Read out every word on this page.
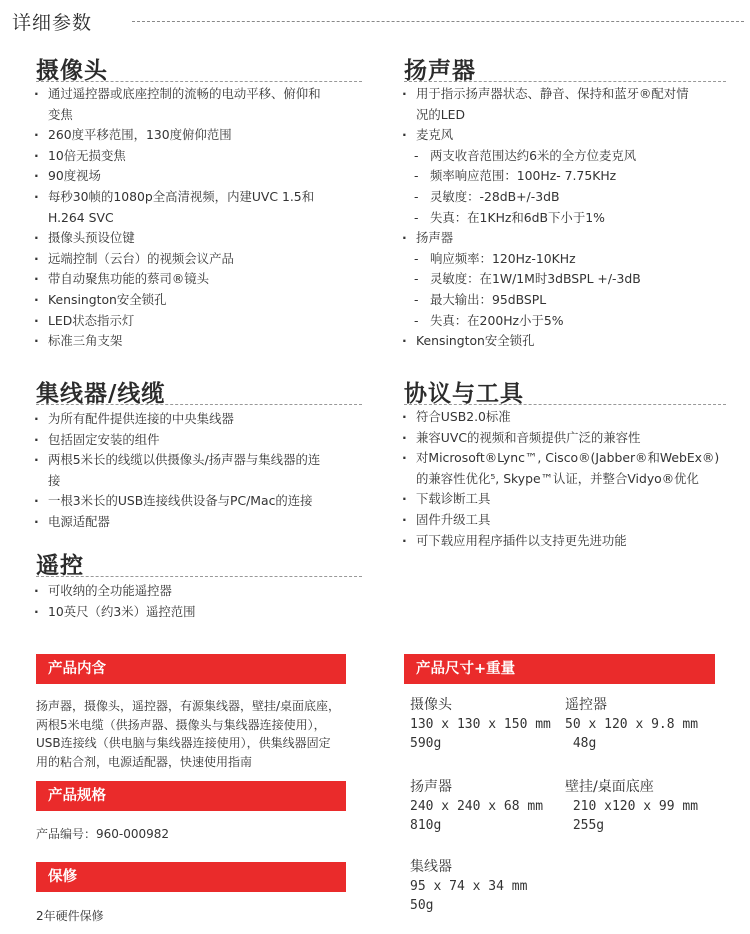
详细参数
摄像头
· 通过遥控器或底座控制的流畅的电动平移、俯仰和
变焦
· 260度平移范围，130度俯仰范围
· 10倍无损变焦
· 90度视场
· 每秒30帧的1080p全高清视频，内建UVC 1.5和
H.264 SVC
· 摄像头预设位键
· 远端控制（云台）的视频会议产品
· 带自动聚焦功能的蔡司®镜头
· Kensington安全锁孔
· LED状态指示灯
· 标准三角支架
扬声器
· 用于指示扬声器状态、静音、保持和蓝牙®配对情
况的LED
· 麦克风
- 两支收音范围达约6米的全方位麦克风
- 频率响应范围：100Hz- 7.75KHz
- 灵敏度：-28dB+/-3dB
- 失真：在1KHz和6dB下小于1%
· 扬声器
- 响应频率：120Hz-10KHz
- 灵敏度：在1W/1M时3dBSPL +/-3dB
- 最大输出：95dBSPL
- 失真：在200Hz小于5%
· Kensington安全锁孔
集线器/线缆
· 为所有配件提供连接的中央集线器
· 包括固定安装的组件
· 两根5米长的线缆以供摄像头/扬声器与集线器的连
接
· 一根3米长的USB连接线供设备与PC/Mac的连接
· 电源适配器
协议与工具
· 符合USB2.0标准
· 兼容UVC的视频和音频提供广泛的兼容性
· 对Microsoft®Lync™, Cisco®(Jabber®和WebEx®)
的兼容性优化⁵, Skype™认证，并整合Vidyo®优化
· 下载诊断工具
· 固件升级工具
· 可下载应用程序插件以支持更先进功能
遥控
· 可收纳的全功能遥控器
· 10英尺（约3米）遥控范围
产品内含
扬声器，摄像头，遥控器，有源集线器，壁挂/桌面底座，
两根5米电缆（供扬声器、摄像头与集线器连接使用），
USB连接线（供电脑与集线器连接使用），供集线器固定
用的粘合剂，电源适配器，快速使用指南
产品规格
产品编号：960-000982
保修
2年硬件保修
产品尺寸+重量
摄像头
130 x 130 x 150 mm
590g
遥控器
50 x 120 x 9.8 mm
48g
扬声器
240 x 240 x 68 mm
810g
壁挂/桌面底座
210 x120 x 99 mm
255g
集线器
95 x 74 x 34 mm
50g
